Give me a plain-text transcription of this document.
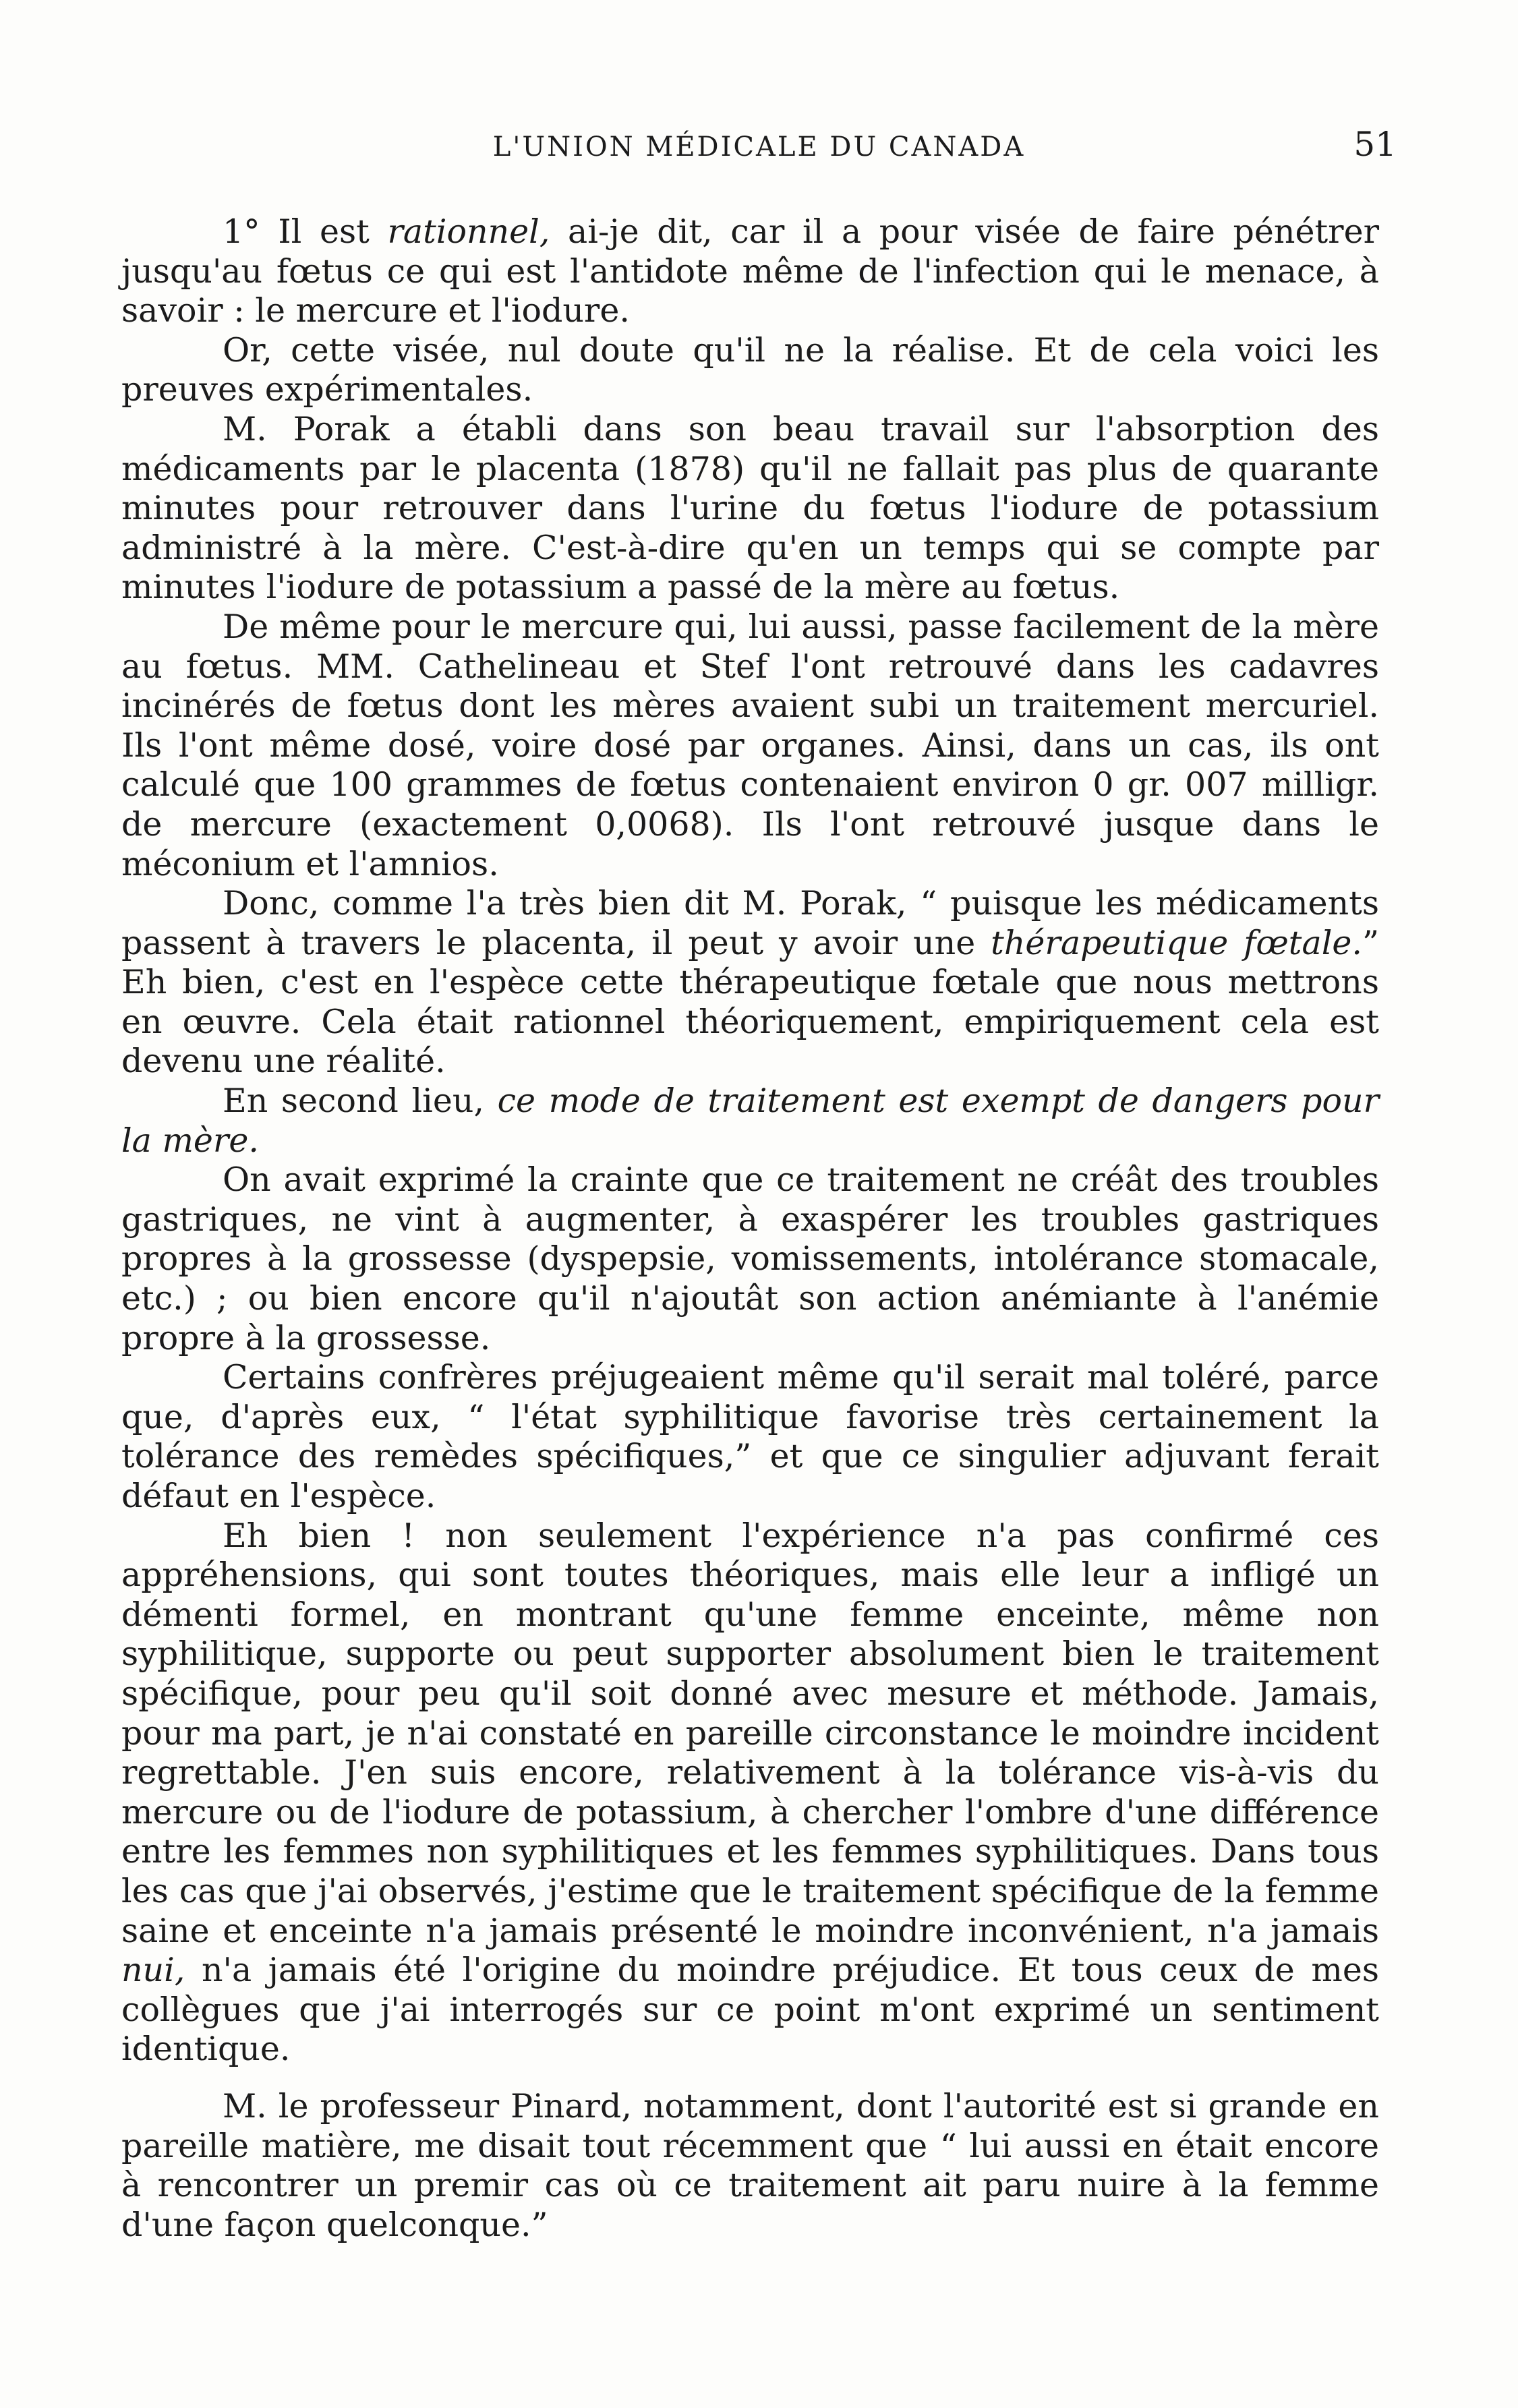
L'UNION MÉDICALE DU CANADA	51

1° Il est rationnel, ai-je dit, car il a pour visée de faire pénétrer jusqu'au fœtus ce qui est l'antidote même de l'infection qui le menace, à savoir : le mercure et l'iodure.

Or, cette visée, nul doute qu'il ne la réalise. Et de cela voici les preuves expérimentales.

M. Porak a établi dans son beau travail sur l'absorption des médicaments par le placenta (1878) qu'il ne fallait pas plus de quarante minutes pour retrouver dans l'urine du fœtus l'iodure de potassium administré à la mère. C'est-à-dire qu'en un temps qui se compte par minutes l'iodure de potassium a passé de la mère au fœtus.

De même pour le mercure qui, lui aussi, passe facilement de la mère au fœtus. MM. Cathelineau et Stef l'ont retrouvé dans les cadavres incinérés de fœtus dont les mères avaient subi un traitement mercuriel. Ils l'ont même dosé, voire dosé par organes. Ainsi, dans un cas, ils ont calculé que 100 grammes de fœtus contenaient environ 0 gr. 007 milligr. de mercure (exactement 0,0068). Ils l'ont retrouvé jusque dans le méconium et l'amnios.

Donc, comme l'a très bien dit M. Porak, “ puisque les médicaments passent à travers le placenta, il peut y avoir une thérapeutique fœtale.” Eh bien, c'est en l'espèce cette thérapeutique fœtale que nous mettrons en œuvre. Cela était rationnel théoriquement, empiriquement cela est devenu une réalité.

En second lieu, ce mode de traitement est exempt de dangers pour la mère.

On avait exprimé la crainte que ce traitement ne créât des troubles gastriques, ne vint à augmenter, à exaspérer les troubles gastriques propres à la grossesse (dyspepsie, vomissements, intolérance stomacale, etc.) ; ou bien encore qu'il n'ajoutât son action anémiante à l'anémie propre à la grossesse.

Certains confrères préjugeaient même qu'il serait mal toléré, parce que, d'après eux, “ l'état syphilitique favorise très certainement la tolérance des remèdes spécifiques,” et que ce singulier adjuvant ferait défaut en l'espèce.

Eh bien ! non seulement l'expérience n'a pas confirmé ces appréhensions, qui sont toutes théoriques, mais elle leur a infligé un démenti formel, en montrant qu'une femme enceinte, même non syphilitique, supporte ou peut supporter absolument bien le traitement spécifique, pour peu qu'il soit donné avec mesure et méthode. Jamais, pour ma part, je n'ai constaté en pareille circonstance le moindre incident regrettable. J'en suis encore, relativement à la tolérance vis-à-vis du mercure ou de l'iodure de potassium, à chercher l'ombre d'une différence entre les femmes non syphilitiques et les femmes syphilitiques. Dans tous les cas que j'ai observés, j'estime que le traitement spécifique de la femme saine et enceinte n'a jamais présenté le moindre inconvénient, n'a jamais nui, n'a jamais été l'origine du moindre préjudice. Et tous ceux de mes collègues que j'ai interrogés sur ce point m'ont exprimé un sentiment identique.

M. le professeur Pinard, notamment, dont l'autorité est si grande en pareille matière, me disait tout récemment que “ lui aussi en était encore à rencontrer un premir cas où ce traitement ait paru nuire à la femme d'une façon quelconque.”
